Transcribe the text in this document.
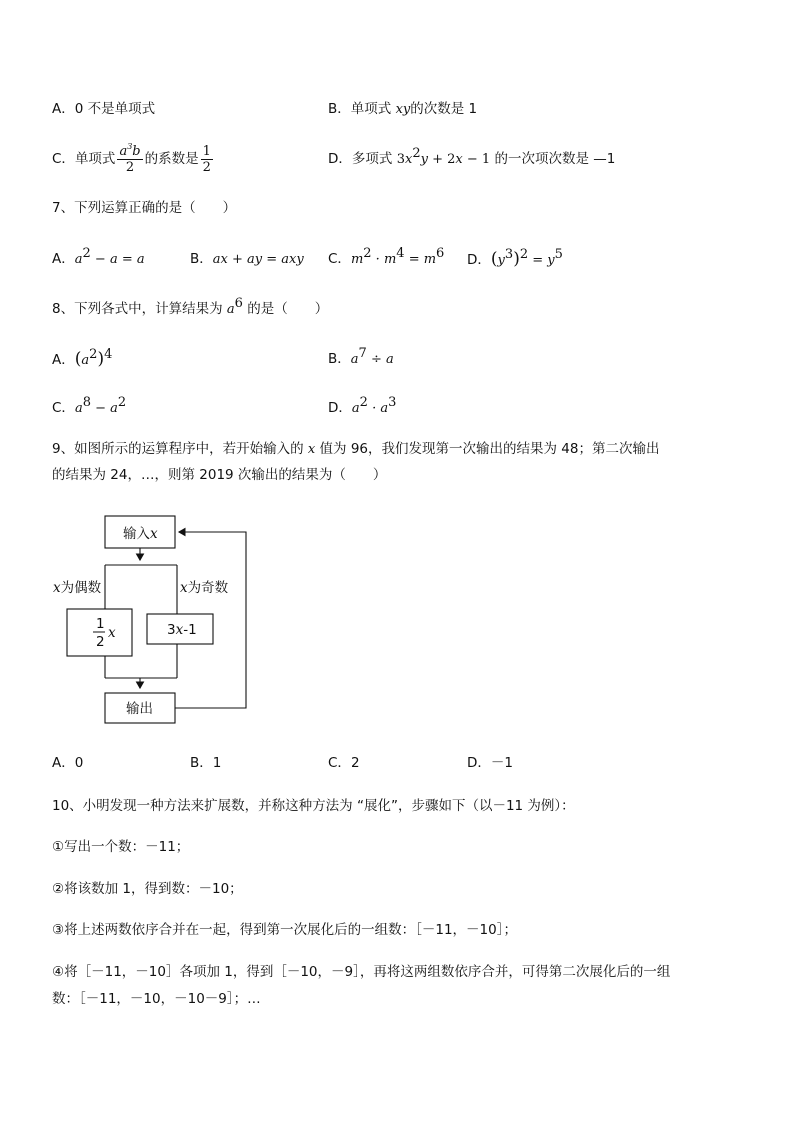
A．0 不是单项式	B．单项式 xy的次数是 1
C．单项式 $\frac{a^3b}{2}$ 的系数是 $\frac{1}{2}$	D．多项式 $3x^2y + 2x - 1$ 的一次项次数是 —1
7、下列运算正确的是（　　）
A．$a^2 - a = a$	B．ax + ay = axy C．$m^2 \cdot m^4 = m^6$ D．$(y^3)^2 = y^5$
8、下列各式中，计算结果为 $a^6$ 的是（　　）
A．$(a^2)^4$	B．$a^7 \div a$
C．$a^8 - a^2$	D．$a^2 \cdot a^3$
9、如图所示的运算程序中，若开始输入的 x 值为 96，我们发现第一次输出的结果为 48；第二次输出
的结果为 24，…，则第 2019 次输出的结果为（　　）
输入x
x为偶数	x为奇数
1
2
x	3x-1
输出
A．0	B．1	C．2	D．－1
10、小明发现一种方法来扩展数，并称这种方法为 “展化”，步骤如下（以－11 为例）：
①写出一个数：－11；
②将该数加 1，得到数：－10；
③将上述两数依序合并在一起，得到第一次展化后的一组数：［－11，－10］；
④将［－11，－10］各项加 1，得到［－10，－9］，再将这两组数依序合并，可得第二次展化后的一组
数：［－11，－10，－10－9］；…
